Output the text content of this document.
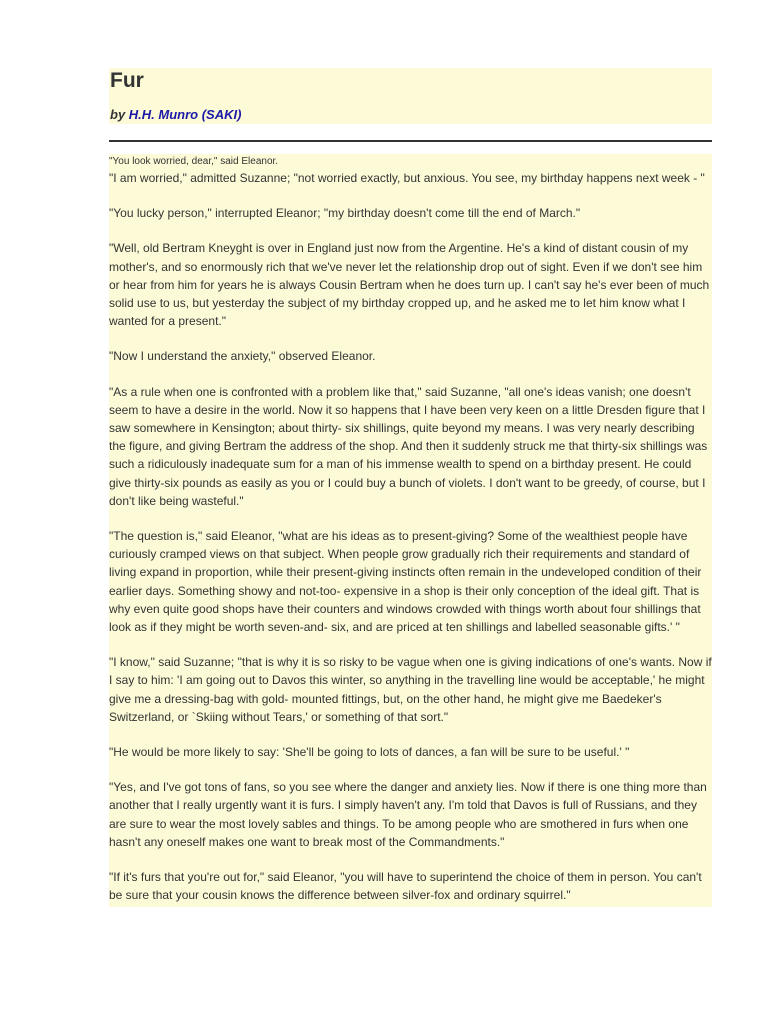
Fur

by H.H. Munro (SAKI)

"You look worried, dear," said Eleanor.

"I am worried," admitted Suzanne; "not worried exactly, but anxious. You see, my birthday happens next week - "

"You lucky person," interrupted Eleanor; "my birthday doesn't come till the end of March."

"Well, old Bertram Kneyght is over in England just now from the Argentine. He's a kind of distant cousin of my mother's, and so enormously rich that we've never let the relationship drop out of sight. Even if we don't see him or hear from him for years he is always Cousin Bertram when he does turn up. I can't say he's ever been of much solid use to us, but yesterday the subject of my birthday cropped up, and he asked me to let him know what I wanted for a present."

"Now I understand the anxiety," observed Eleanor.

"As a rule when one is confronted with a problem like that," said Suzanne, "all one's ideas vanish; one doesn't seem to have a desire in the world. Now it so happens that I have been very keen on a little Dresden figure that I saw somewhere in Kensington; about thirty- six shillings, quite beyond my means. I was very nearly describing the figure, and giving Bertram the address of the shop. And then it suddenly struck me that thirty-six shillings was such a ridiculously inadequate sum for a man of his immense wealth to spend on a birthday present. He could give thirty-six pounds as easily as you or I could buy a bunch of violets. I don't want to be greedy, of course, but I don't like being wasteful."

"The question is," said Eleanor, "what are his ideas as to present-giving? Some of the wealthiest people have curiously cramped views on that subject. When people grow gradually rich their requirements and standard of living expand in proportion, while their present-giving instincts often remain in the undeveloped condition of their earlier days. Something showy and not-too- expensive in a shop is their only conception of the ideal gift. That is why even quite good shops have their counters and windows crowded with things worth about four shillings that look as if they might be worth seven-and- six, and are priced at ten shillings and labelled seasonable gifts.' "

"I know," said Suzanne; "that is why it is so risky to be vague when one is giving indications of one's wants. Now if I say to him: 'I am going out to Davos this winter, so anything in the travelling line would be acceptable,' he might give me a dressing-bag with gold- mounted fittings, but, on the other hand, he might give me Baedeker's Switzerland, or `Skiing without Tears,' or something of that sort."

"He would be more likely to say: 'She'll be going to lots of dances, a fan will be sure to be useful.' "

"Yes, and I've got tons of fans, so you see where the danger and anxiety lies. Now if there is one thing more than another that I really urgently want it is furs. I simply haven't any. I'm told that Davos is full of Russians, and they are sure to wear the most lovely sables and things. To be among people who are smothered in furs when one hasn't any oneself makes one want to break most of the Commandments."

"If it's furs that you're out for," said Eleanor, "you will have to superintend the choice of them in person. You can't be sure that your cousin knows the difference between silver-fox and ordinary squirrel."
